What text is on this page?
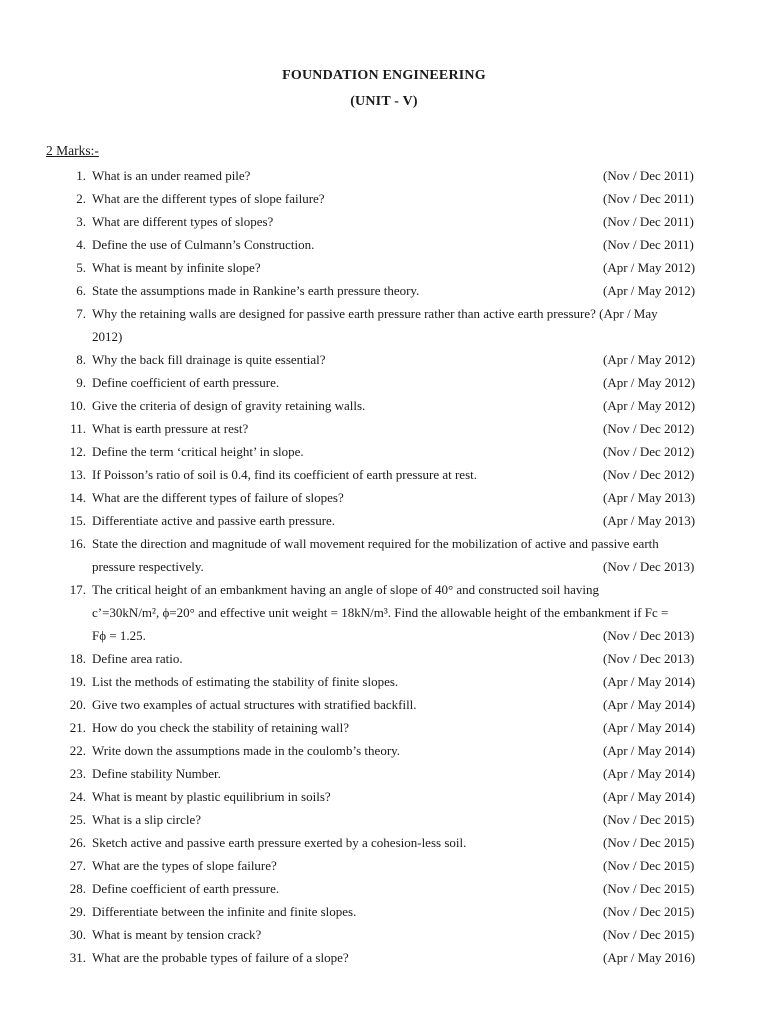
FOUNDATION ENGINEERING
(UNIT - V)
2 Marks:-
1. What is an under reamed pile?	(Nov / Dec 2011)
2. What are the different types of slope failure?	(Nov / Dec 2011)
3. What are different types of slopes?	(Nov / Dec 2011)
4. Define the use of Culmann’s Construction.	(Nov / Dec 2011)
5. What is meant by infinite slope?	(Apr / May 2012)
6. State the assumptions made in Rankine’s earth pressure theory.	(Apr / May 2012)
7. Why the retaining walls are designed for passive earth pressure rather than active earth pressure? (Apr / May
2012)
8. Why the back fill drainage is quite essential?	(Apr / May 2012)
9. Define coefficient of earth pressure.	(Apr / May 2012)
10. Give the criteria of design of gravity retaining walls.	(Apr / May 2012)
11. What is earth pressure at rest?	(Nov / Dec 2012)
12. Define the term ‘critical height’ in slope.	(Nov / Dec 2012)
13. If Poisson’s ratio of soil is 0.4, find its coefficient of earth pressure at rest.	(Nov / Dec 2012)
14. What are the different types of failure of slopes?	(Apr / May 2013)
15. Differentiate active and passive earth pressure.	(Apr / May 2013)
16. State the direction and magnitude of wall movement required for the mobilization of active and passive earth
pressure respectively.	(Nov / Dec 2013)
17. The critical height of an embankment having an angle of slope of 40° and constructed soil having
c’=30kN/m², ϕ=20° and effective unit weight = 18kN/m³. Find the allowable height of the embankment if Fc =
Fϕ = 1.25.	(Nov / Dec 2013)
18. Define area ratio.	(Nov / Dec 2013)
19. List the methods of estimating the stability of finite slopes.	(Apr / May 2014)
20. Give two examples of actual structures with stratified backfill.	(Apr / May 2014)
21. How do you check the stability of retaining wall?	(Apr / May 2014)
22. Write down the assumptions made in the coulomb’s theory.	(Apr / May 2014)
23. Define stability Number.	(Apr / May 2014)
24. What is meant by plastic equilibrium in soils?	(Apr / May 2014)
25. What is a slip circle?	(Nov / Dec 2015)
26. Sketch active and passive earth pressure exerted by a cohesion-less soil.	(Nov / Dec 2015)
27. What are the types of slope failure?	(Nov / Dec 2015)
28. Define coefficient of earth pressure.	(Nov / Dec 2015)
29. Differentiate between the infinite and finite slopes.	(Nov / Dec 2015)
30. What is meant by tension crack?	(Nov / Dec 2015)
31. What are the probable types of failure of a slope?	(Apr / May 2016)
